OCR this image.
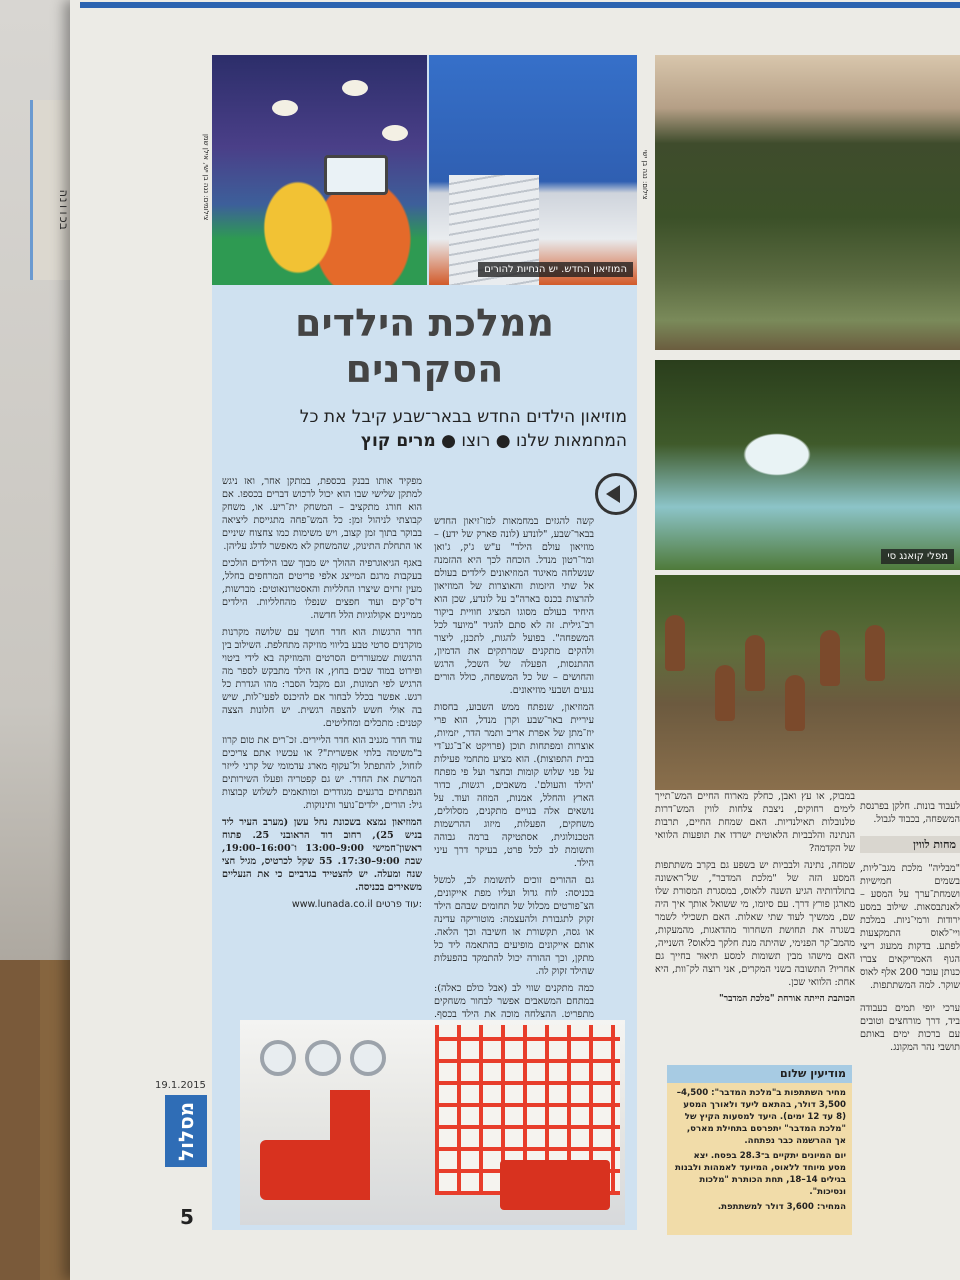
בכוונה
המוזיאון החדש. יש הנחיות להורים
צילומים: נגה בן ישי, אילן שמן
ממלכת הילדים
הסקרנים
מוזיאון הילדים החדש בבאר־שבע קיבל את כל המחמאות שלנו ● רוצו ● מרים קוץ

קשה להגזים במחמאות למו־זיאון החדש בבאר־שבע, "לונדע (לונה פארק של ידע) – מוזיאון עולם הילד" ע"ש ג'ק, ג'ואן ומר־רטון מנדל. הוכחה לכך היא ההזמנה שנשלחה מאיגוד המוזיאונים לילדים בעולם אל שתי היזמות והאוצרות של המוזיאון להרצות בכנס בארה"ב על לונדע, שכן הוא היחיד בעולם מסוגו המציג חוויית ביקור רב־גילית. זה לא סתם להגיד "מיועד לכל המשפחה". בפועל להגות, לתכנן, ליצור ולהקים מתקנים שמרתקים את הדמיון, ההתנסות, הפעלה של השכל, הרגש והחושים – של כל המשפחה, כולל הורים נגעים ושבעי מוזיאונים.

המוזיאון, שנפתח ממש השבוע, בחסות עיריית באר־שבע וקרן מנדל, הוא פרי יוז־מתן של אפרת אריב ותמר הדר, יזמיות, אוצרות ומפתחות תוכן (פרויקט א־ב־גע־די בבית התפוצות). הוא מציע מתחמי פעילות על פני שלוש קומות ובחצר ועל פי מפתח 'הילד והעולם'. משאבים, רגשות, כדור הארץ והחלל, אמנות, המוזה ועוד. על נושאים אלה בנויים מתקנים, מסלולים, משחקים, הפעלות, מיזוג ההרשמות הטכנולוגית, אסתטיקה ברמה גבוהה ותשומת לב לכל פרט, בעיקר דרך עיני הילד.

גם ההורים זוכים לתשומת לב, למשל בכניסה: לוח גדול ועליו מפת אייקונים, הצ־פורטים מכלול של תחומים שבהם הילד זקוק לתגבורת ולהעצמה: מוטוריקה עדינה או גסה, תקשורת או חשיבה וכך הלאה. אותם אייקונים מופיעים בהתאמה ליד כל מתקן, וכך ההורה יכול להתמקד בהפעלות שהילד זקוק לה.

כמה מתקנים שווי לב (אבל כולם כאלה): במתחם המשאבים אפשר לבחור משחקים מתפריט. ההצלחה מוכה את הילד בכסף.

מפקיד אותו בבנק בכספת, במתקן אחר, ואז ניגש למתקן שלישי שבו הוא יכול לרכוש דברים בכספו. אם הוא חורג מתקציב – המשחק ית־ריע. או, משחק קבוצתי לניהול זמן: כל המש־פחה מתגייסת ליציאה בבוקר בתוך זמן קצוב, ויש משימות כמו צחצוח שיניים או התחלת התינוק, שהמשחק לא מאפשר לדלג עליהן.

באגף הגיאוגרפיה ההולך יש מבוך שבו הילדים הולכים בעקבות מרגם המייצג אלפי פריטים המרחפים בחלל, מעין זרזים שיצרו החלליות והאסטרונאוטים: מברשות, ד'ס־קים ועוד חפצים שנפלו מהחלליות. הילדים ממיינים אקולוגיות הלל חדשה.

חדר הרגשות הוא חדר חושך עם שלושה מקרנות מוקרנים סרטי טבע בליווי מוזיקה מתחלפת. השילוב בין הרגשות שמעוררים הסרטים והמוזיקה בא לידי ביטוי ופירוט במוד שבים בחוץ, אז הילד מתבקש לספר מה הרגיש לפי תמונות, וגם מקבל הסבר: מהו הגדרת כל רגש. אפשר בכלל לבחור אם להיכנס לפעי־לות, שיש בה אולי חשש להצפה רגשית. יש חלונות הצצה קטנים: מתכלים ומחליטים.

עוד חדר מגניב הוא חדר הליירים. זכ־רים את טום קרוז ב"משימה בלתי אפשרית"? או עכשיו אתם צריכים לזחול, להתפתל ול־עקוף מארג עדמומי של קרני לייזר המרשת את החדר. יש גם קפטריה ופעלו השירותים הנפתחים ברגעים מגודרים ומותאמים לשלוש קבוצות גיל: הורים, ילדים־נוער ותינוקות.

המוזיאון נמצא בשכונת נחל עשן (מערב העיר ליד בניש 25), רחוב דוד הראובני 25. פתוח ראשון־חמישי 9:00–13:00 ו־16:00–19:00, שבת 9:00–17:30. 55 שקל לכרטיס, מגיל חצי שנה ומעלה. יש להצטייד בגרביים כי את הנעליים משאירים בכניסה.

www.lunada.co.il עוד פרטים:

צילום: נגה בן ישי
מפלי קואנג סי

במבוק, או עץ ואבן, כחלק מארוח החיים המש־תייך לימים רחוקים, ניצבת צלחות לווין המש־דרות טלנובלות תאילנדיות. האם שמחת החיים, תרבות הנתינה והלבביות הלאוטית ישרדו את תופעות הלוואי של הקדמה?

שמחה, נתינה ולבביות יש בשפע גם בקרב משתתפות המסע הזה של "מלכת המדבר", של־ראשונה בתולדותיה הגיע השנה ללאוס, במסגרת המסורת שלו מארגן פורץ דרך. עם סיומו, מי ששואל אותך איך היה שם, ממשיך לעוד שתי שאלות. האם תשכילי לשמר בשגרה את תחושת השחרור מהדאגות, מהמעקות, מהמב־קר הפנימי, שהיתה מנת חלקך בלאוס? השנייה, האם מישהו מבין תשומות למסע תיאוּר בחייך גם אחריו? התשובה בשני המקרים, אני רוצה לק־וות, היא אחת: הלוואי שכן.

הכותבת הייתה אורחת "מלכת המדבר"

לעבוד בונות. חלקן בפרנסת המשפחה, בכבוד לגבול.

מחות לווין

"מבליה" מלכת מגב־ליות, בשמים חמישיות ושמחת־ערך על המסע – לאנתבסאות. שילוב במסע ירודות ורמי־ניות. במלכת ויי־לאוס התמקצעות לפתע. בדקות ממעוג ריצי הגוף האמריקאים צברו כנותן עובר 200 אלף לאוס שוקר. למה המשתתפות.

ערכי יופי תמים בעבודה ביד, דרך מורחצים וטובים עם ברכות ימים באותם תושבי נהר המקונג.

מודיעין שלום

מחיר השתתפות ב"מלכת המדבר": 4,500–3,500 דולר, בהתאם ליעד ולאורך המסע (8 עד 12 ימים). היעד למסעות הקיץ של "מלכת המדבר" יתפרסם בתחילת מארס, אך ההרשמה כבר נפתחה.

יום המיונים יתקיים ב־28.3 בפסח. יצא מסע מיוחד ללאוס, המיועד לאמהות ולבנות בגילים 14–18, תחת הכותרת "מלכות ונסיכות".

המחיר: 3,600 דולר למשתתפת.

19.1.2015
מסלול
5
